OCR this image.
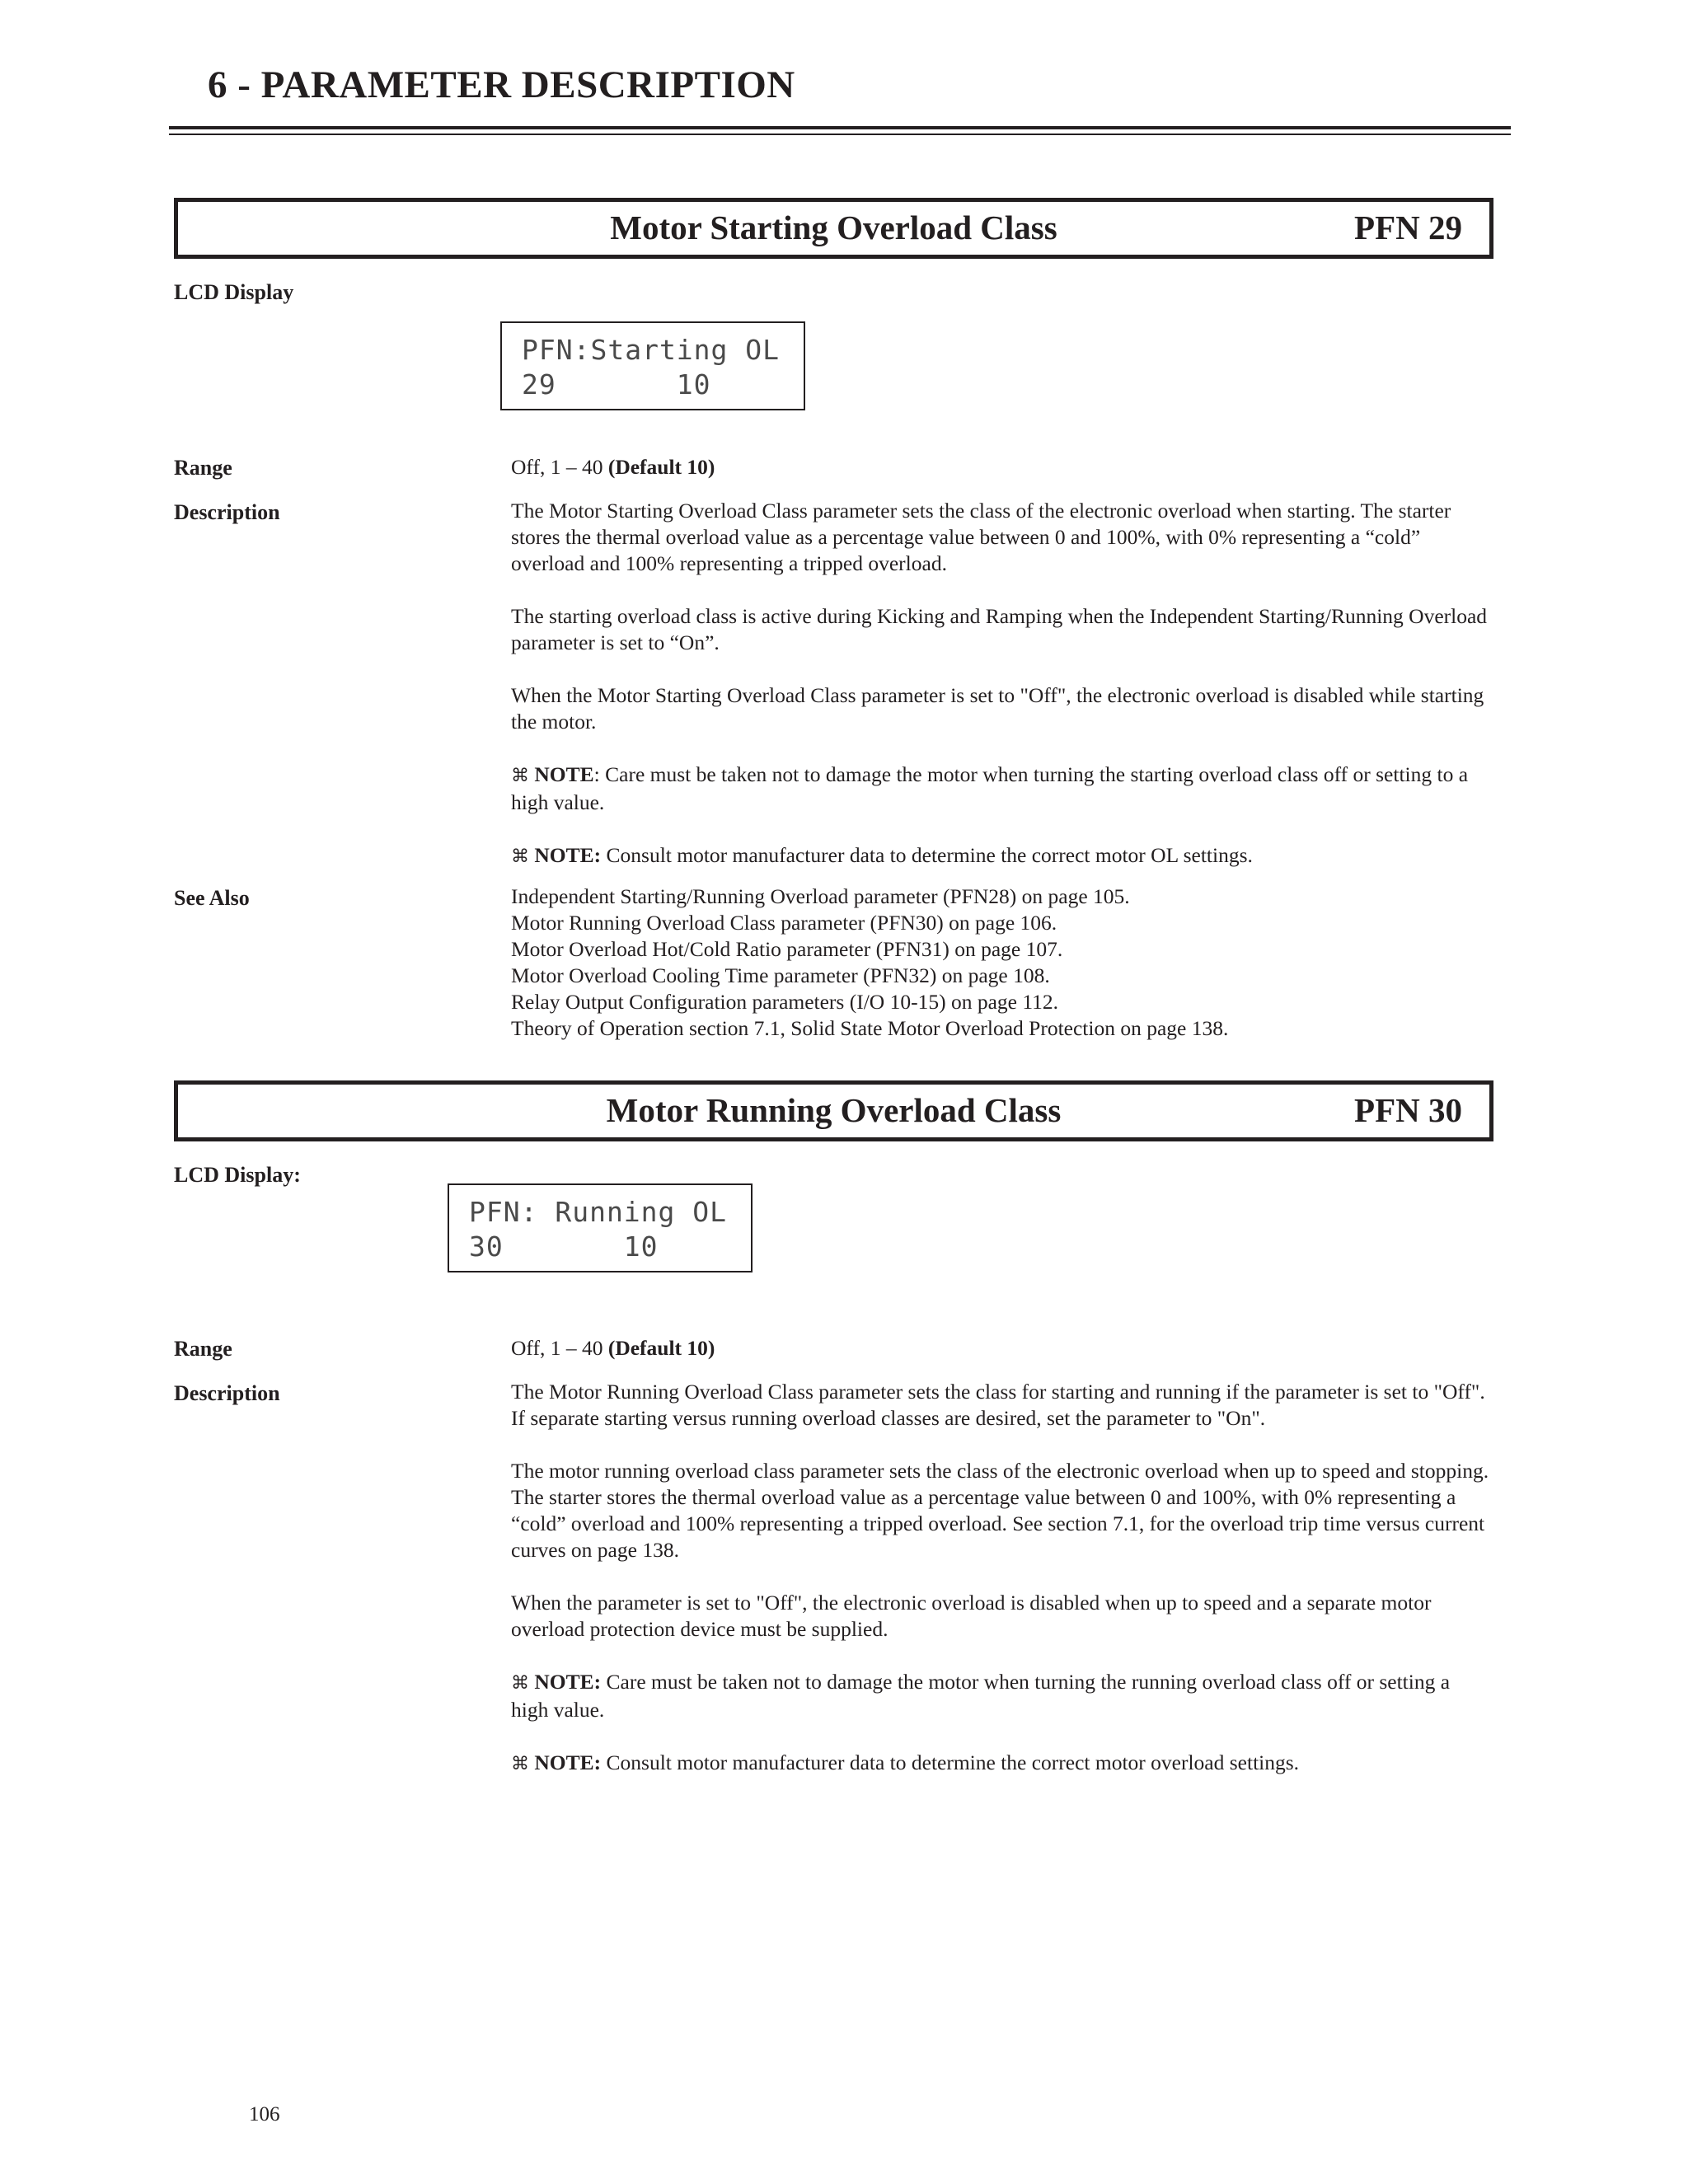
6 - PARAMETER DESCRIPTION
Motor Starting Overload Class	PFN 29

LCD Display

PFN:Starting OL
29       10

Range	Off, 1 – 40 (Default 10)

Description	The Motor Starting Overload Class parameter sets the class of the electronic overload when starting. The starter stores the thermal overload value as a percentage value between 0 and 100%, with 0% representing a “cold” overload and 100% representing a tripped overload.

The starting overload class is active during Kicking and Ramping when the Independent Starting/Running Overload parameter is set to “On”.

When the Motor Starting Overload Class parameter is set to "Off", the electronic overload is disabled while starting the motor.

⌘ NOTE: Care must be taken not to damage the motor when turning the starting overload class off or setting to a high value.

⌘ NOTE: Consult motor manufacturer data to determine the correct motor OL settings.

See Also	Independent Starting/Running Overload parameter (PFN28) on page 105.
Motor Running Overload Class parameter (PFN30) on page 106.
Motor Overload Hot/Cold Ratio parameter (PFN31) on page 107.
Motor Overload Cooling Time parameter (PFN32) on page 108.
Relay Output Configuration parameters (I/O 10-15) on page 112.
Theory of Operation section 7.1, Solid State Motor Overload Protection on page 138.
Motor Running Overload Class	PFN 30

LCD Display:

PFN: Running OL
30       10

Range	Off, 1 – 40 (Default 10)

Description	The Motor Running Overload Class parameter sets the class for starting and running if the parameter is set to "Off". If separate starting versus running overload classes are desired, set the parameter to "On".

The motor running overload class parameter sets the class of the electronic overload when up to speed and stopping. The starter stores the thermal overload value as a percentage value between 0 and 100%, with 0% representing a “cold” overload and 100% representing a tripped overload. See section 7.1, for the overload trip time versus current curves on page 138.

When the parameter is set to "Off", the electronic overload is disabled when up to speed and a separate motor overload protection device must be supplied.

⌘ NOTE: Care must be taken not to damage the motor when turning the running overload class off or setting a high value.

⌘ NOTE: Consult motor manufacturer data to determine the correct motor overload settings.

106
